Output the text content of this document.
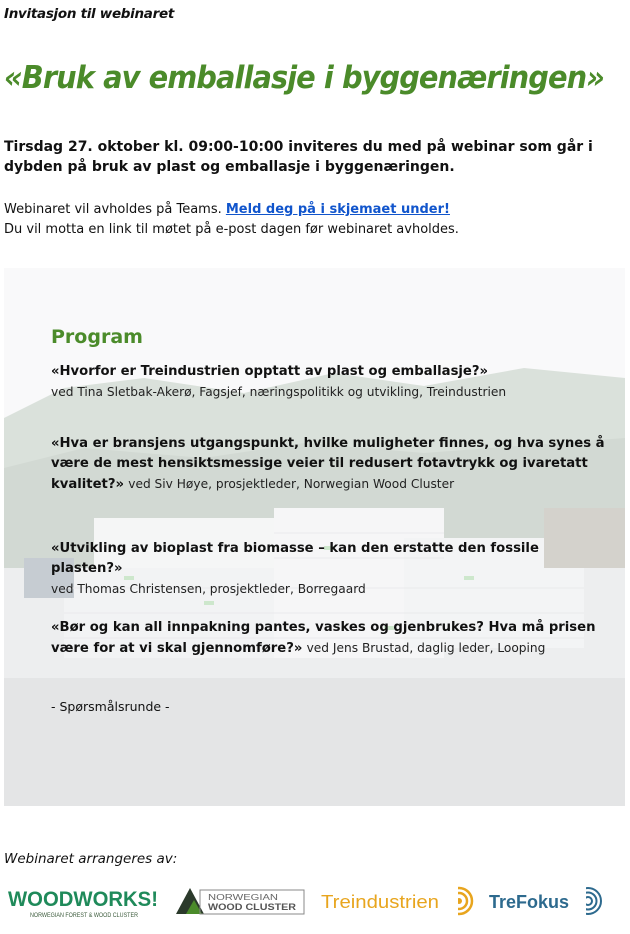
Invitasjon til webinaret
«Bruk av emballasje i byggenæringen»
Tirsdag 27. oktober kl. 09:00-10:00 inviteres du med på webinar som går i dybden på bruk av plast og emballasje i byggenæringen.
Webinaret vil avholdes på Teams. Meld deg på i skjemaet under!
Du vil motta en link til møtet på e-post dagen før webinaret avholdes.
Program
«Hvorfor er Treindustrien opptatt av plast og emballasje?»
ved Tina Sletbak-Akerø, Fagsjef, næringspolitikk og utvikling, Treindustrien
«Hva er bransjens utgangspunkt, hvilke muligheter finnes, og hva synes å være de mest hensiktsmessige veier til redusert fotavtrykk og ivaretatt kvalitet?» ved Siv Høye, prosjektleder, Norwegian Wood Cluster
«Utvikling av bioplast fra biomasse – kan den erstatte den fossile plasten?»
ved Thomas Christensen, prosjektleder, Borregaard
«Bør og kan all innpakning pantes, vaskes og gjenbrukes? Hva må prisen være for at vi skal gjennomføre?» ved Jens Brustad, daglig leder, Looping
- Spørsmålsrunde -
Webinaret arrangeres av:
WOODWORKS!
NORWEGIAN FOREST & WOOD CLUSTER
NORWEGIAN
WOOD CLUSTER Treindustrien	TreFokus
